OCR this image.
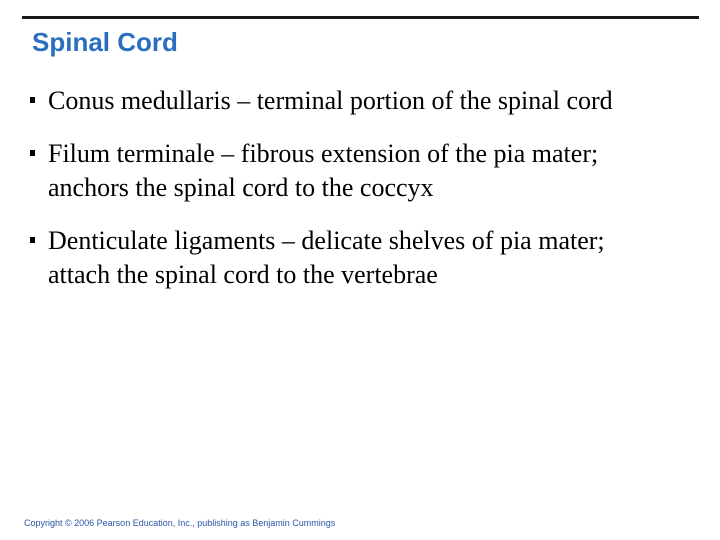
Spinal Cord
Conus medullaris – terminal portion of the spinal cord
Filum terminale – fibrous extension of the pia mater; anchors the spinal cord to the coccyx
Denticulate ligaments – delicate shelves of pia mater; attach the spinal cord to the vertebrae
Copyright © 2006 Pearson Education, Inc., publishing as Benjamin Cummings
